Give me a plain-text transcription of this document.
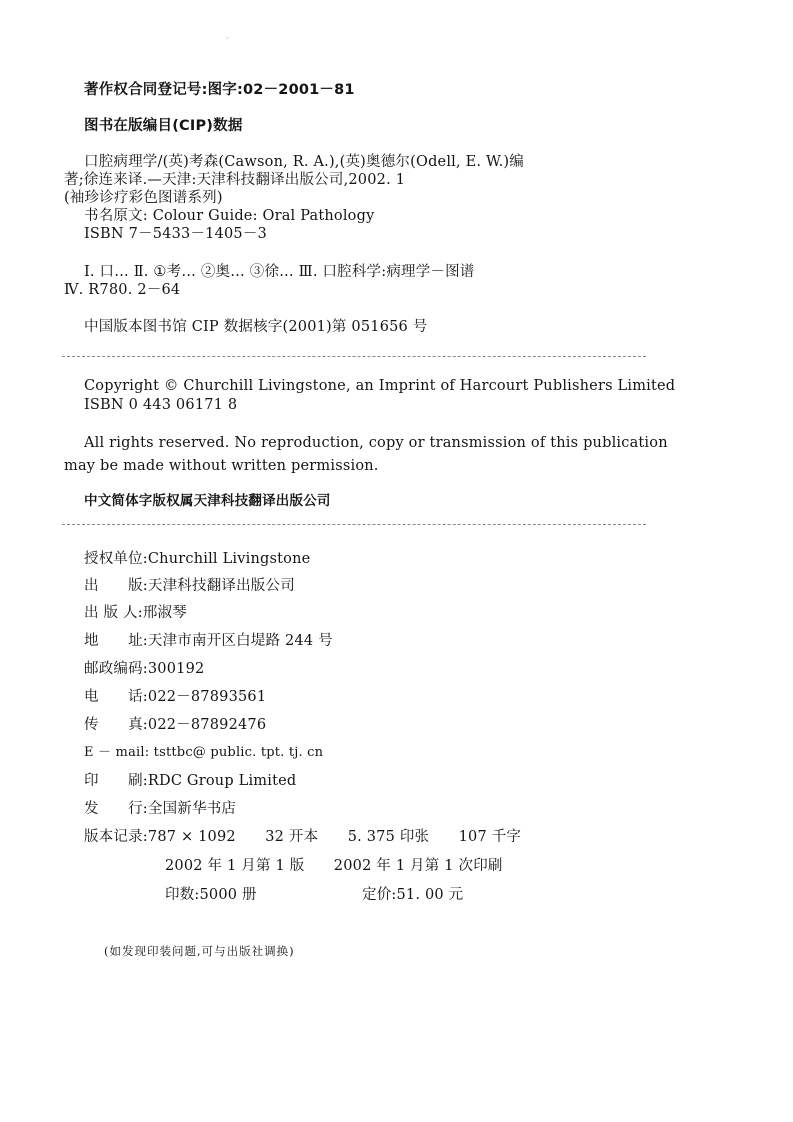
·
著作权合同登记号:图字:02－2001－81
图书在版编目(CIP)数据
口腔病理学/(英)考森(Cawson, R. A.),(英)奥德尔(Odell, E. W.)编
著;徐连来译.—天津:天津科技翻译出版公司,2002. 1
(袖珍诊疗彩色图谱系列)
书名原文: Colour Guide: Oral Pathology
ISBN 7－5433－1405－3
Ⅰ. 口… Ⅱ. ①考… ②奥… ③徐… Ⅲ. 口腔科学:病理学－图谱
Ⅳ. R780. 2－64
中国版本图书馆 CIP 数据核字(2001)第 051656 号
Copyright © Churchill Livingstone, an Imprint of Harcourt Publishers Limited
ISBN 0 443 06171 8
All rights reserved. No reproduction, copy or transmission of this publication
may be made without written permission.
中文简体字版权属天津科技翻译出版公司
授权单位:Churchill Livingstone
出　　版:天津科技翻译出版公司
出 版 人:邢淑琴
地　　址:天津市南开区白堤路 244 号
邮政编码:300192
电　　话:022－87893561
传　　真:022－87892476
E － mail: tsttbc@ public. tpt. tj. cn
印　　刷:RDC Group Limited
发　　行:全国新华书店
版本记录:787 × 1092　　32 开本　　5. 375 印张　　107 千字
2002 年 1 月第 1 版　　2002 年 1 月第 1 次印刷
印数:5000 册	定价:51. 00 元
(如发现印装问题,可与出版社调换)
